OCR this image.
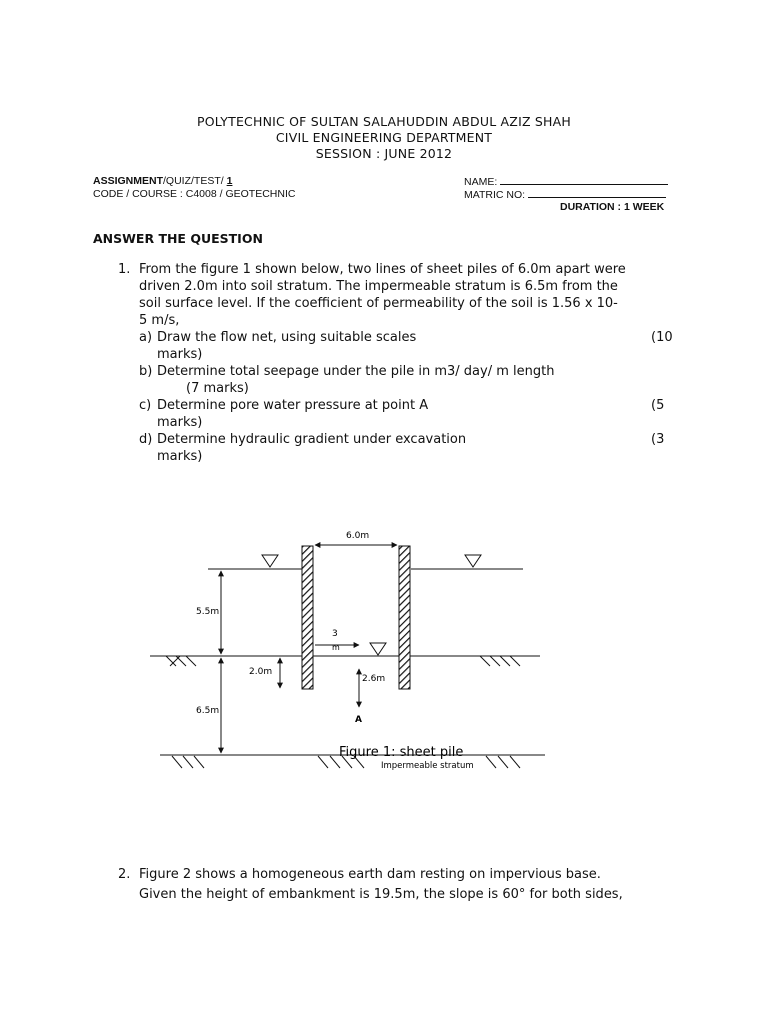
POLYTECHNIC OF SULTAN SALAHUDDIN ABDUL AZIZ SHAH
CIVIL ENGINEERING DEPARTMENT
SESSION : JUNE 2012
ASSIGNMENT/QUIZ/TEST/ 1
CODE / COURSE : C4008 / GEOTECHNIC
NAME:
MATRIC NO:
DURATION : 1 WEEK
ANSWER THE QUESTION
1. From the figure 1 shown below, two lines of sheet piles of 6.0m apart were
driven 2.0m into soil stratum. The impermeable stratum is 6.5m from the
soil surface level. If the coefficient of permeability of the soil is 1.56 x 10-
5 m/s,
a) Draw the flow net, using suitable scales	(10
marks)
b) Determine total seepage under the pile in m3/ day/ m length
(7 marks)
c) Determine pore water pressure at point A	(5
marks)
d) Determine hydraulic gradient under excavation	(3
marks)
6.0m
5.5m
6.5m
2.0m
3
m
2.6m
A
Figure 1: sheet pile
Impermeable stratum
2. Figure 2 shows a homogeneous earth dam resting on impervious base.
Given the height of embankment is 19.5m, the slope is 60° for both sides,
